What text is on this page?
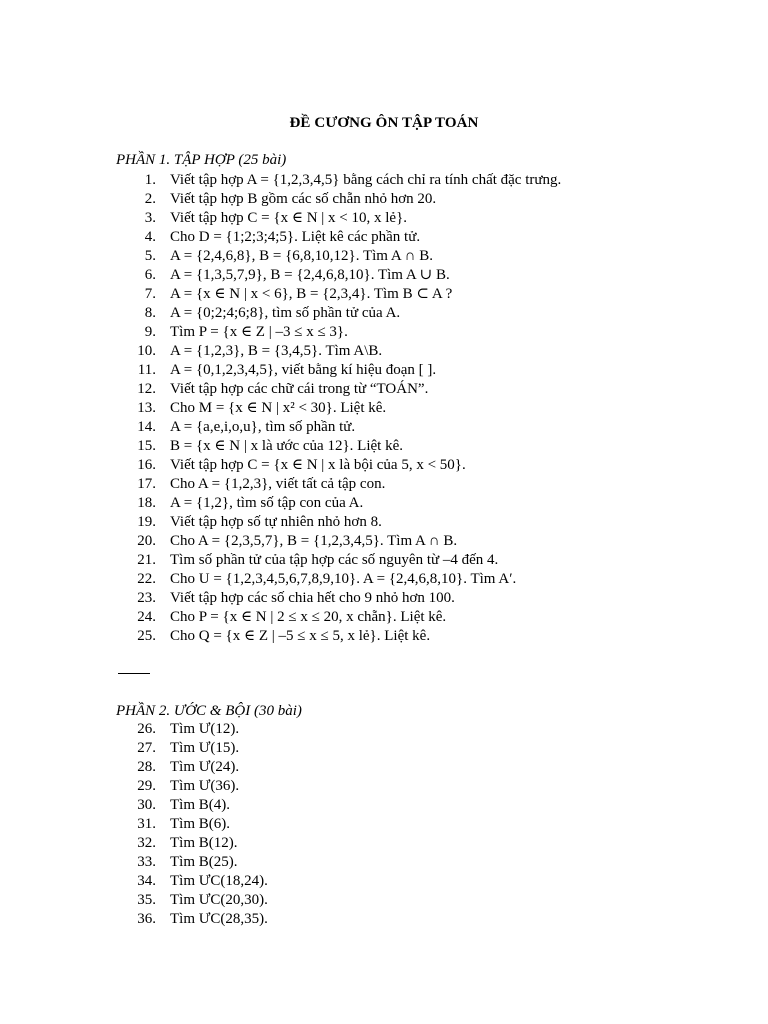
ĐỀ CƯƠNG ÔN TẬP TOÁN
PHẦN 1. TẬP HỢP (25 bài)
1. Viết tập hợp A = {1,2,3,4,5} bằng cách chỉ ra tính chất đặc trưng.
2. Viết tập hợp B gồm các số chẵn nhỏ hơn 20.
3. Viết tập hợp C = {x ∈ N | x < 10, x lẻ}.
4. Cho D = {1;2;3;4;5}. Liệt kê các phần tử.
5. A = {2,4,6,8}, B = {6,8,10,12}. Tìm A ∩ B.
6. A = {1,3,5,7,9}, B = {2,4,6,8,10}. Tìm A ∪ B.
7. A = {x ∈ N | x < 6}, B = {2,3,4}. Tìm B ⊂ A ?
8. A = {0;2;4;6;8}, tìm số phần tử của A.
9. Tìm P = {x ∈ Z | –3 ≤ x ≤ 3}.
10. A = {1,2,3}, B = {3,4,5}. Tìm A\B.
11. A = {0,1,2,3,4,5}, viết bằng kí hiệu đoạn [ ].
12. Viết tập hợp các chữ cái trong từ “TOÁN”.
13. Cho M = {x ∈ N | x² < 30}. Liệt kê.
14. A = {a,e,i,o,u}, tìm số phần tử.
15. B = {x ∈ N | x là ước của 12}. Liệt kê.
16. Viết tập hợp C = {x ∈ N | x là bội của 5, x < 50}.
17. Cho A = {1,2,3}, viết tất cả tập con.
18. A = {1,2}, tìm số tập con của A.
19. Viết tập hợp số tự nhiên nhỏ hơn 8.
20. Cho A = {2,3,5,7}, B = {1,2,3,4,5}. Tìm A ∩ B.
21. Tìm số phần tử của tập hợp các số nguyên từ –4 đến 4.
22. Cho U = {1,2,3,4,5,6,7,8,9,10}. A = {2,4,6,8,10}. Tìm A′.
23. Viết tập hợp các số chia hết cho 9 nhỏ hơn 100.
24. Cho P = {x ∈ N | 2 ≤ x ≤ 20, x chẵn}. Liệt kê.
25. Cho Q = {x ∈ Z | –5 ≤ x ≤ 5, x lẻ}. Liệt kê.
PHẦN 2. ƯỚC & BỘI (30 bài)
26. Tìm Ư(12).
27. Tìm Ư(15).
28. Tìm Ư(24).
29. Tìm Ư(36).
30. Tìm B(4).
31. Tìm B(6).
32. Tìm B(12).
33. Tìm B(25).
34. Tìm ƯC(18,24).
35. Tìm ƯC(20,30).
36. Tìm ƯC(28,35).
